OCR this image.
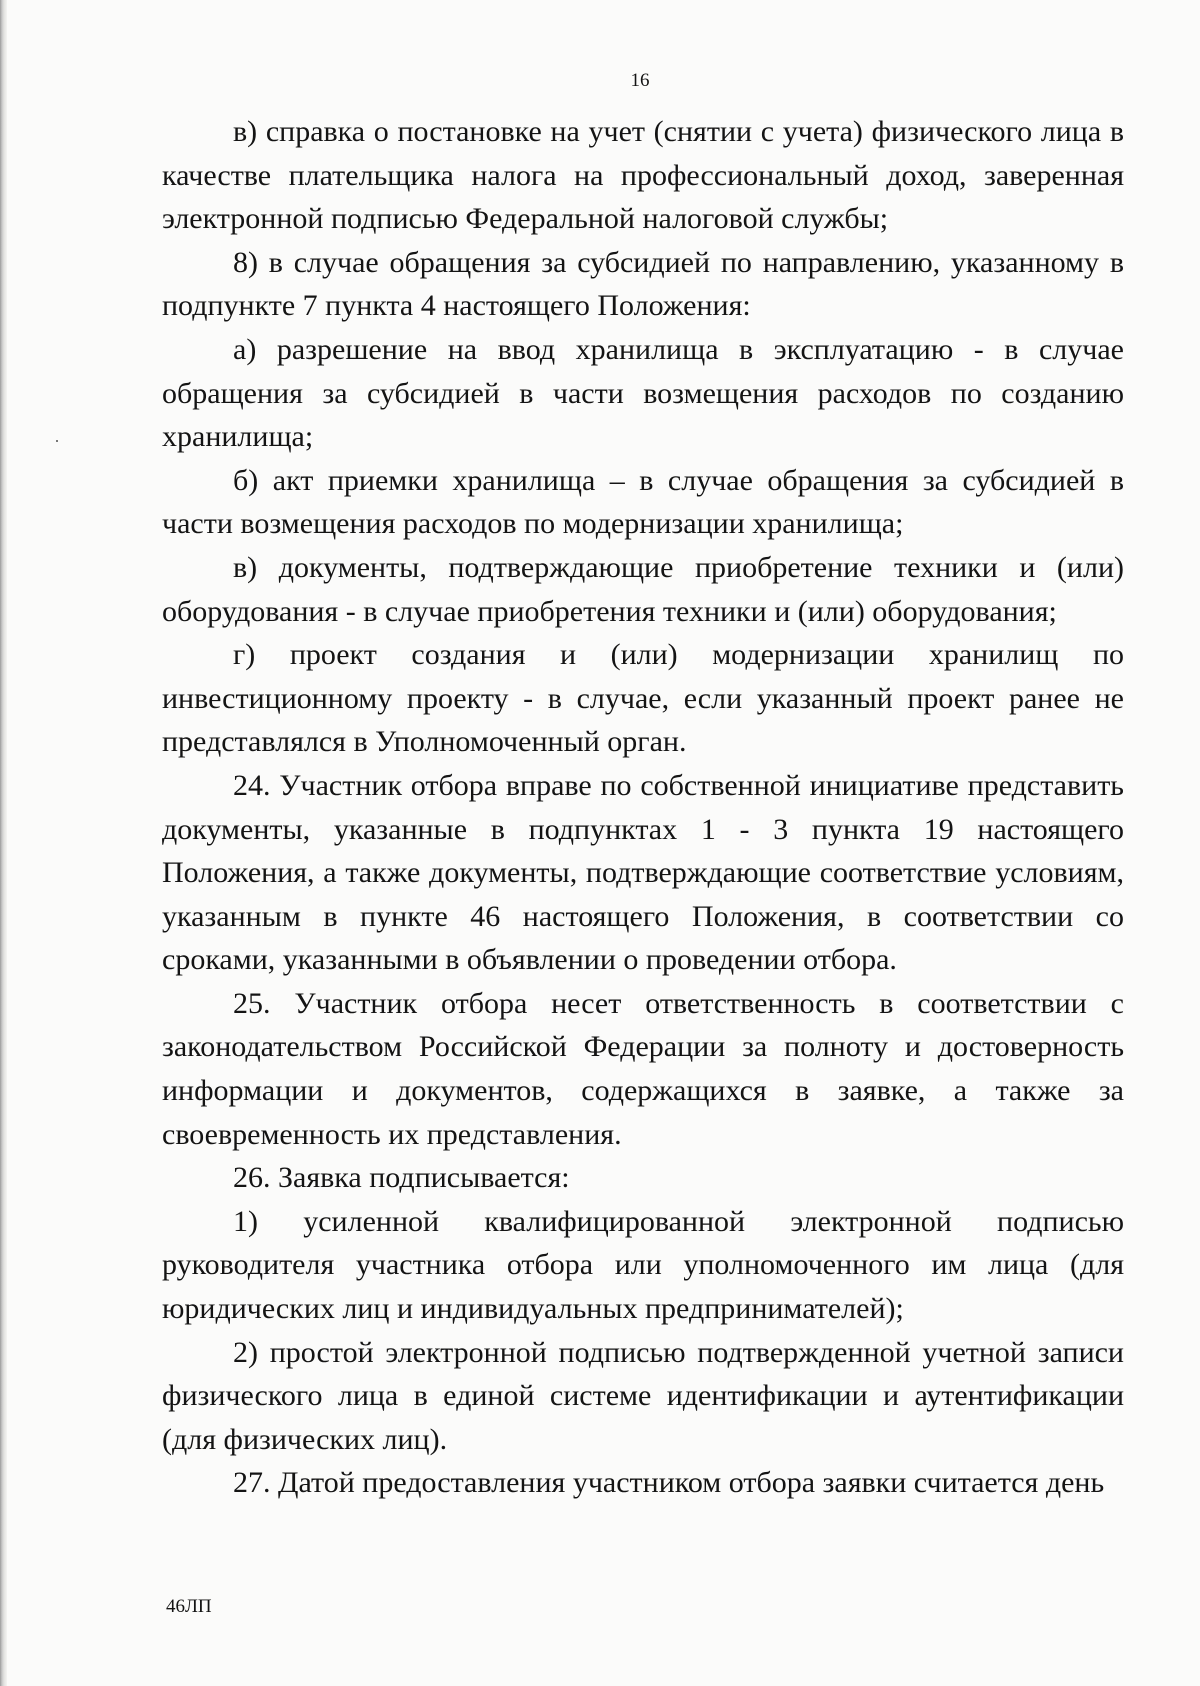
16

в) справка о постановке на учет (снятии с учета) физического лица в качестве плательщика налога на профессиональный доход, заверенная электронной подписью Федеральной налоговой службы;

8) в случае обращения за субсидией по направлению, указанному в подпункте 7 пункта 4 настоящего Положения:

а) разрешение на ввод хранилища в эксплуатацию - в случае обращения за субсидией в части возмещения расходов по созданию хранилища;

б) акт приемки хранилища – в случае обращения за субсидией в части возмещения расходов по модернизации хранилища;

в) документы, подтверждающие приобретение техники и (или) оборудования - в случае приобретения техники и (или) оборудования;

г) проект создания и (или) модернизации хранилищ по инвестиционному проекту - в случае, если указанный проект ранее не представлялся в Уполномоченный орган.

24. Участник отбора вправе по собственной инициативе представить документы, указанные в подпунктах 1 - 3 пункта 19 настоящего Положения, а также документы, подтверждающие соответствие условиям, указанным в пункте 46 настоящего Положения, в соответствии со сроками, указанными в объявлении о проведении отбора.

25. Участник отбора несет ответственность в соответствии с законодательством Российской Федерации за полноту и достоверность информации и документов, содержащихся в заявке, а также за своевременность их представления.

26. Заявка подписывается:

1) усиленной квалифицированной электронной подписью руководителя участника отбора или уполномоченного им лица (для юридических лиц и индивидуальных предпринимателей);

2) простой электронной подписью подтвержденной учетной записи физического лица в единой системе идентификации и аутентификации (для физических лиц).

27. Датой предоставления участником отбора заявки считается день

46ЛП
